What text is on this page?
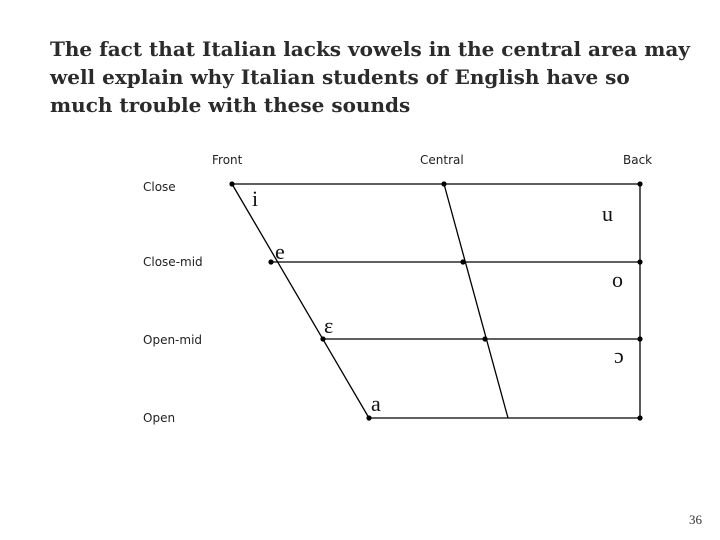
The fact that Italian lacks vowels in the central area may well explain why Italian students of English have so much trouble with these sounds

Front	Central	Back
Close
Close-mid
Open-mid
Open
i
u
e
o
ε
ɔ
a
36
